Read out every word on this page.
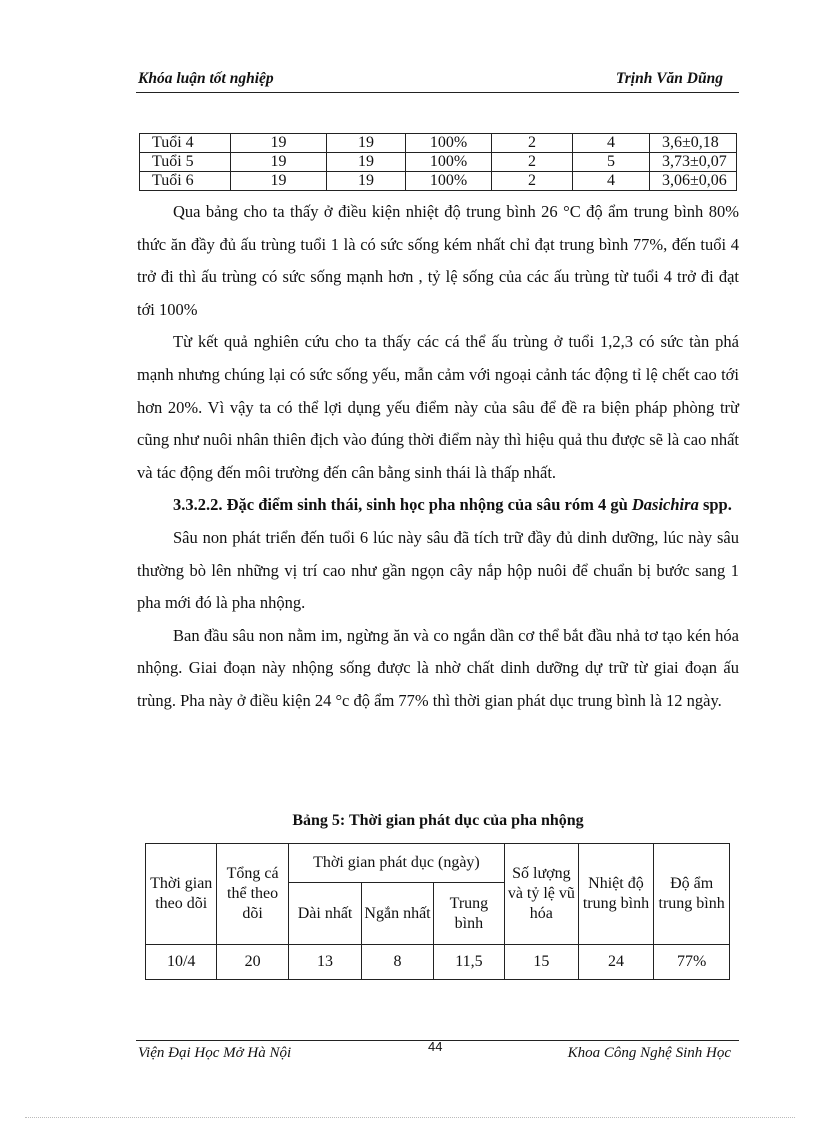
Khóa luận tốt nghiệp	Trịnh Văn Dũng
Tuổi 4	19	19	100%	2	4	3,6±0,18
Tuổi 5	19	19	100%	2	5	3,73±0,07
Tuổi 6	19	19	100%	2	4	3,06±0,06

Qua bảng cho ta thấy ở điều kiện nhiệt độ trung bình 26 °C độ ẩm trung bình 80% thức ăn đầy đủ ấu trùng tuổi 1 là có sức sống kém nhất chỉ đạt trung bình 77%, đến tuổi 4 trở đi thì ấu trùng có sức sống mạnh hơn , tỷ lệ sống của các ấu trùng từ tuổi 4 trở đi đạt tới 100%

Từ kết quả nghiên cứu cho ta thấy các cá thể ấu trùng ở tuổi 1,2,3 có sức tàn phá mạnh nhưng chúng lại có sức sống yếu, mẫn cảm với ngoại cảnh tác động tỉ lệ chết cao tới hơn 20%. Vì vậy ta có thể lợi dụng yếu điểm này của sâu để đề ra biện pháp phòng trừ cũng như nuôi nhân thiên địch vào đúng thời điểm này thì hiệu quả thu được sẽ là cao nhất và tác động đến môi trường đến cân bằng sinh thái là thấp nhất.

3.3.2.2. Đặc điểm sinh thái, sinh học pha nhộng của sâu róm 4 gù Dasichira spp.

Sâu non phát triển đến tuổi 6 lúc này sâu đã tích trữ đầy đủ dinh dưỡng, lúc này sâu thường bò lên những vị trí cao như gần ngọn cây nắp hộp nuôi để chuẩn bị bước sang 1 pha mới đó là pha nhộng.

Ban đầu sâu non nằm im, ngừng ăn và co ngắn dần cơ thể bắt đầu nhả tơ tạo kén hóa nhộng. Giai đoạn này nhộng sống được là nhờ chất dinh dưỡng dự trữ từ giai đoạn ấu trùng. Pha này ở điều kiện 24 °c độ ẩm 77% thì thời gian phát dục trung bình là 12 ngày.

Bảng 5: Thời gian phát dục của pha nhộng
Thời gian theo dõi	Tổng cá thể theo dõi	Thời gian phát dục (ngày)			Số lượng và tỷ lệ vũ hóa	Nhiệt độ trung bình	Độ ẩm trung bình
		Dài nhất	Ngắn nhất	Trung bình			
10/4	20	13	8	11,5	15	24	77%
Viện Đại Học Mở Hà Nội	44	Khoa Công Nghệ Sinh Học
